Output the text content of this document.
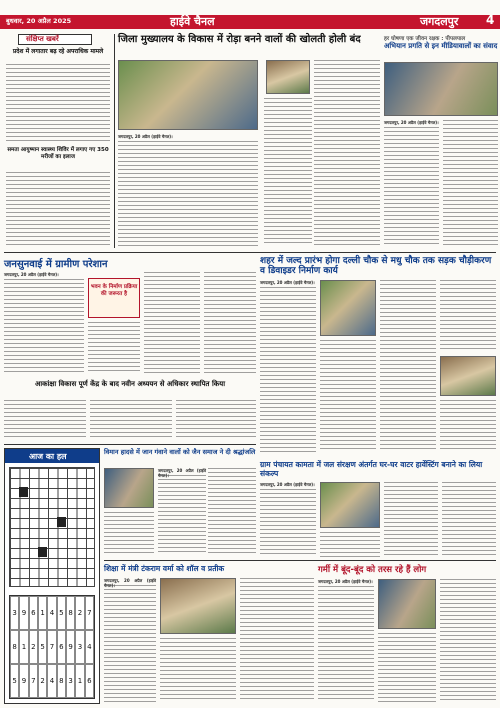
बुधवार, 20 अप्रैल 2025	हाईवे चैनल	जगदलपुर 4
संक्षिप्त खबरें
प्रदेश में लगातार बढ़ रहे अपराधिक मामले
समता आयुष्मान स्वास्थ्य शिविर में लगाए गए 350 मरीजों का इलाज
जिला मुख्यालय के विकास में रोड़ा बनने वालों की खोलती होली बंद
जगदलपुर, 20 अप्रैल (हाईवे चैनल)।
हर घोषणा एक जीवन रक्षक : पीपलपाल
अभियान प्रगति से इन मीडियावालों का संवाद
जगदलपुर, 20 अप्रैल (हाईवे चैनल)।
जनसुनवाई में ग्रामीण परेशान
जगदलपुर, 20 अप्रैल (हाईवे चैनल)।
भवन के निर्माण प्रक्रिया की जरूरत है
शहर में जल्द प्रारंभ होगा दल्ली चौक से मधु चौक तक सड़क चौड़ीकरण व डिवाइडर निर्माण कार्य
जगदलपुर, 20 अप्रैल (हाईवे चैनल)।
आकांक्षा विकास पूर्ण केंद्र के बाद नवीन अध्ययन से अधिकार स्थापित किया
आज का हल
3 9 6 1 4 5 8 2 7
8 1 2 5 7 6 9 3 4
5 9 7 2 4 8 3 1 6
विमान हादसे में जान गंवाने वालों को जैन समाज ने दी श्रद्धांजलि
जगदलपुर, 20 अप्रैल (हाईवे चैनल)।
ग्राम पंचायत कामता में जल संरक्षण अंतर्गत घर-घर वाटर हार्वेस्टिंग बनाने का लिया संकल्प
जगदलपुर, 20 अप्रैल (हाईवे चैनल)।
शिक्षा में मंत्री टंकराम वर्मा को शॉल व प्रतीक
जगदलपुर, 20 अप्रैल (हाईवे चैनल)।
गर्मी में बूंद-बूंद को तरस रहे हैं लोग
जगदलपुर, 20 अप्रैल (हाईवे चैनल)।
